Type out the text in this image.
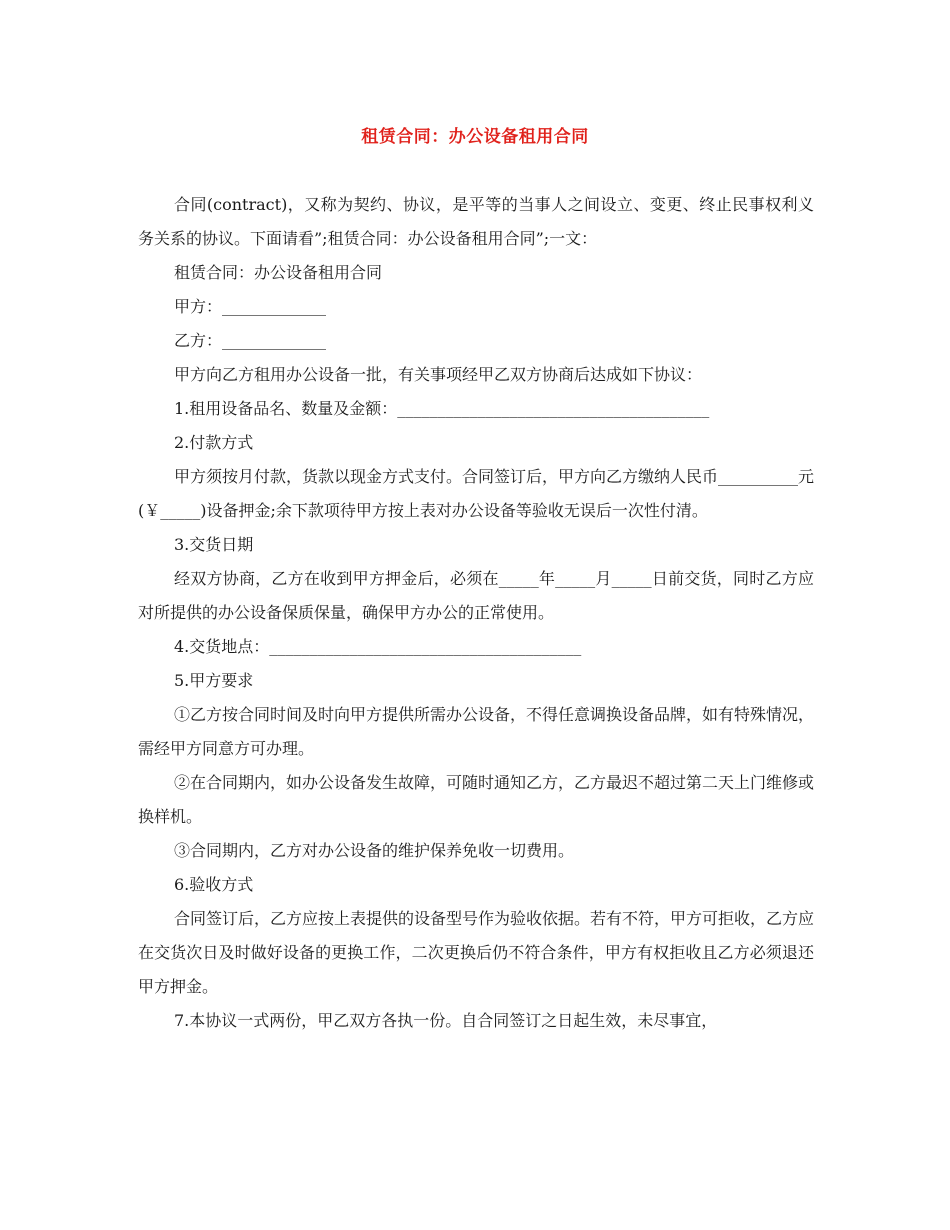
租赁合同：办公设备租用合同

合同(contract)，又称为契约、协议，是平等的当事人之间设立、变更、终止民事权利义务关系的协议。下面请看”;租赁合同：办公设备租用合同”;一文：

租赁合同：办公设备租用合同

甲方：_____________

乙方：_____________

甲方向乙方租用办公设备一批，有关事项经甲乙双方协商后达成如下协议：

1.租用设备品名、数量及金额：_______________________________________

2.付款方式

甲方须按月付款，货款以现金方式支付。合同签订后，甲方向乙方缴纳人民币__________元(￥_____)设备押金;余下款项待甲方按上表对办公设备等验收无误后一次性付清。

3.交货日期

经双方协商，乙方在收到甲方押金后，必须在_____年_____月_____日前交货，同时乙方应对所提供的办公设备保质保量，确保甲方办公的正常使用。

4.交货地点：_______________________________________

5.甲方要求

①乙方按合同时间及时向甲方提供所需办公设备，不得任意调换设备品牌，如有特殊情况，需经甲方同意方可办理。

②在合同期内，如办公设备发生故障，可随时通知乙方，乙方最迟不超过第二天上门维修或换样机。

③合同期内，乙方对办公设备的维护保养免收一切费用。

6.验收方式

合同签订后，乙方应按上表提供的设备型号作为验收依据。若有不符，甲方可拒收，乙方应在交货次日及时做好设备的更换工作，二次更换后仍不符合条件，甲方有权拒收且乙方必须退还甲方押金。

7.本协议一式两份，甲乙双方各执一份。自合同签订之日起生效，未尽事宜，
